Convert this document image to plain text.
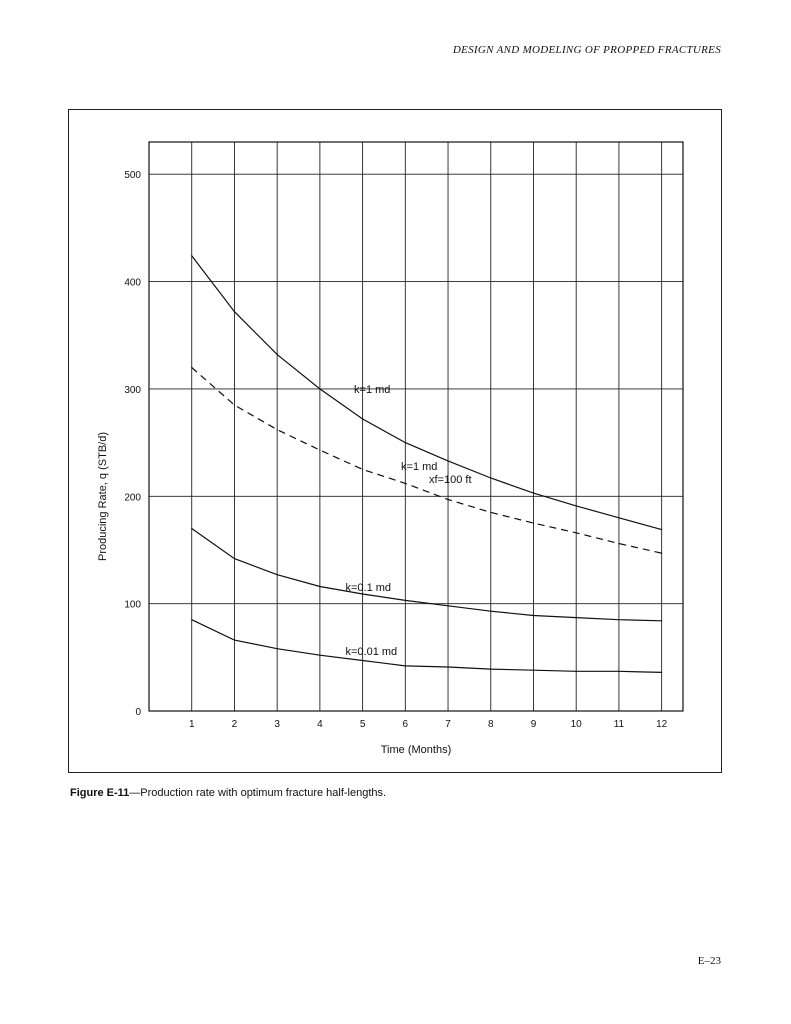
DESIGN AND MODELING OF PROPPED FRACTURES
1	2	3	4	5	6	7	8	9	10	11	12
0
100
200
300
400
500
k=1 md
k=1 md
xf=100 ft
k=0.1 md
k=0.01 md
Time (Months)
Producing Rate, q (STB/d)
Figure E-11—Production rate with optimum fracture half-lengths.
E–23
